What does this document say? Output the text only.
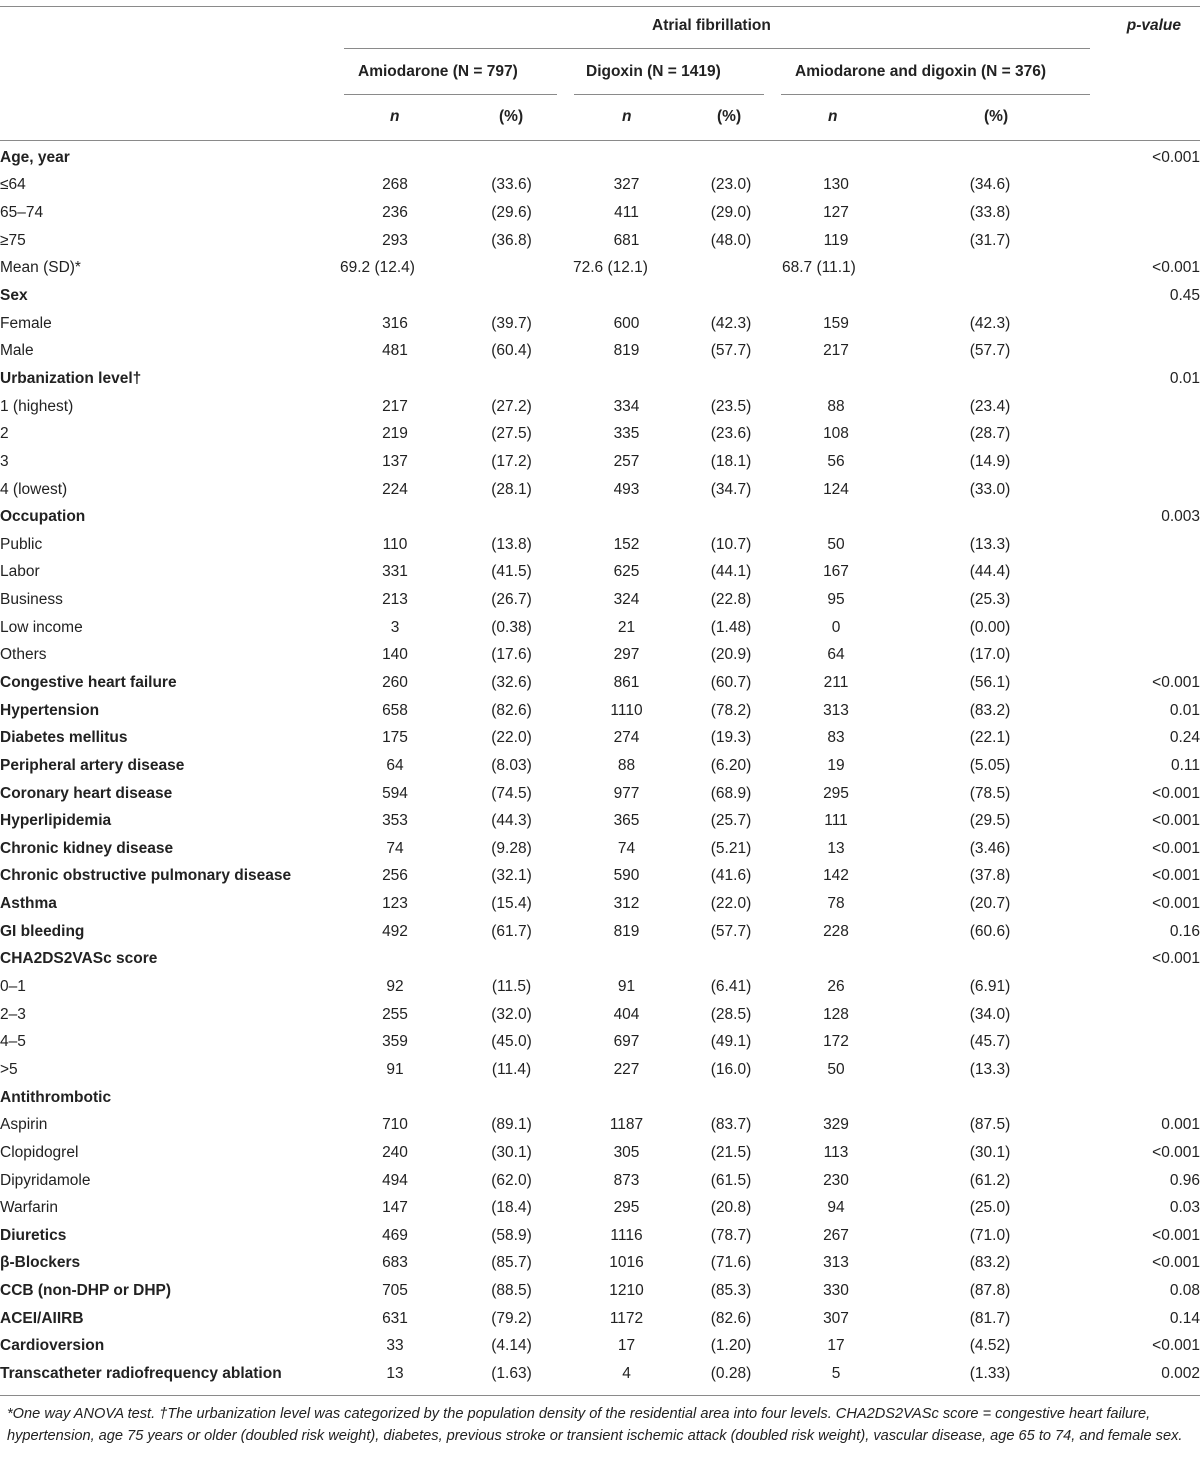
Atrial fibrillation	p-value
Amiodarone (N = 797)	Digoxin (N = 1419)	Amiodarone and digoxin (N = 376)
n	(%)	n	(%)	n	(%)
Age, year							<0.001
≤64	268	(33.6)	327	(23.0)	130	(34.6)	
65–74	236	(29.6)	411	(29.0)	127	(33.8)	
≥75	293	(36.8)	681	(48.0)	119	(31.7)	
Mean (SD)*	69.2 (12.4)		72.6 (12.1)		68.7 (11.1)		<0.001
Sex							0.45
Female	316	(39.7)	600	(42.3)	159	(42.3)	
Male	481	(60.4)	819	(57.7)	217	(57.7)	
Urbanization level†							0.01
1 (highest)	217	(27.2)	334	(23.5)	88	(23.4)	
2	219	(27.5)	335	(23.6)	108	(28.7)	
3	137	(17.2)	257	(18.1)	56	(14.9)	
4 (lowest)	224	(28.1)	493	(34.7)	124	(33.0)	
Occupation							0.003
Public	110	(13.8)	152	(10.7)	50	(13.3)	
Labor	331	(41.5)	625	(44.1)	167	(44.4)	
Business	213	(26.7)	324	(22.8)	95	(25.3)	
Low income	3	(0.38)	21	(1.48)	0	(0.00)	
Others	140	(17.6)	297	(20.9)	64	(17.0)	
Congestive heart failure	260	(32.6)	861	(60.7)	211	(56.1)	<0.001
Hypertension	658	(82.6)	1110	(78.2)	313	(83.2)	0.01
Diabetes mellitus	175	(22.0)	274	(19.3)	83	(22.1)	0.24
Peripheral artery disease	64	(8.03)	88	(6.20)	19	(5.05)	0.11
Coronary heart disease	594	(74.5)	977	(68.9)	295	(78.5)	<0.001
Hyperlipidemia	353	(44.3)	365	(25.7)	111	(29.5)	<0.001
Chronic kidney disease	74	(9.28)	74	(5.21)	13	(3.46)	<0.001
Chronic obstructive pulmonary disease	256	(32.1)	590	(41.6)	142	(37.8)	<0.001
Asthma	123	(15.4)	312	(22.0)	78	(20.7)	<0.001
GI bleeding	492	(61.7)	819	(57.7)	228	(60.6)	0.16
CHA2DS2VASc score							<0.001
0–1	92	(11.5)	91	(6.41)	26	(6.91)	
2–3	255	(32.0)	404	(28.5)	128	(34.0)	
4–5	359	(45.0)	697	(49.1)	172	(45.7)	
>5	91	(11.4)	227	(16.0)	50	(13.3)	
Antithrombotic							
Aspirin	710	(89.1)	1187	(83.7)	329	(87.5)	0.001
Clopidogrel	240	(30.1)	305	(21.5)	113	(30.1)	<0.001
Dipyridamole	494	(62.0)	873	(61.5)	230	(61.2)	0.96
Warfarin	147	(18.4)	295	(20.8)	94	(25.0)	0.03
Diuretics	469	(58.9)	1116	(78.7)	267	(71.0)	<0.001
β-Blockers	683	(85.7)	1016	(71.6)	313	(83.2)	<0.001
CCB (non-DHP or DHP)	705	(88.5)	1210	(85.3)	330	(87.8)	0.08
ACEI/AIIRB	631	(79.2)	1172	(82.6)	307	(81.7)	0.14
Cardioversion	33	(4.14)	17	(1.20)	17	(4.52)	<0.001
Transcatheter radiofrequency ablation	13	(1.63)	4	(0.28)	5	(1.33)	0.002
*One way ANOVA test. †The urbanization level was categorized by the population density of the residential area into four levels. CHA2DS2VASc score = congestive heart failure, hypertension, age 75 years or older (doubled risk weight), diabetes, previous stroke or transient ischemic attack (doubled risk weight), vascular disease, age 65 to 74, and female sex.
